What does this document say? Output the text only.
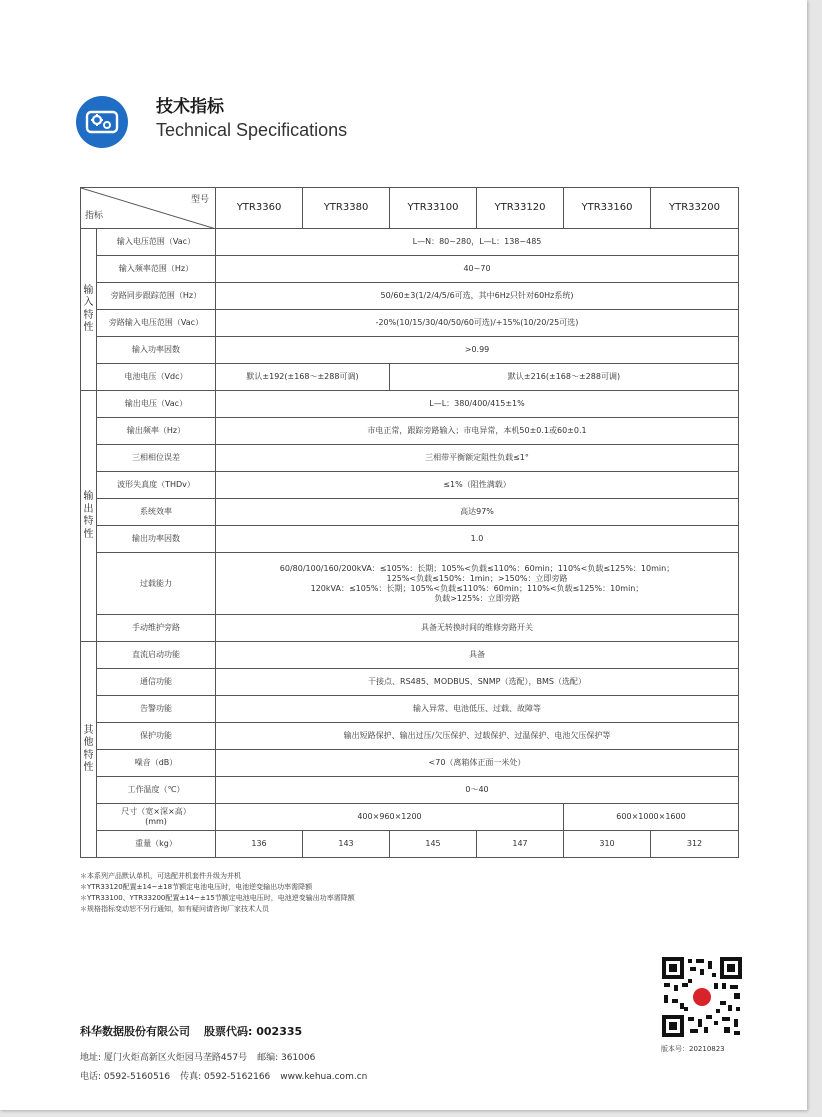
技术指标
Technical Specifications
型号
指标		YTR3360	YTR3380	YTR33100	YTR33120	YTR33160	YTR33200

输
入
特
性	输入电压范围（Vac）	L—N：80~280，L—L：138~485					
	输入频率范围（Hz）	40~70					
	旁路同步跟踪范围（Hz）	50/60±3(1/2/4/5/6可选，其中6Hz只针对60Hz系统)					
	旁路输入电压范围（Vac）	-20%(10/15/30/40/50/60可选)/+15%(10/20/25可选)					
	输入功率因数	>0.99					
	电池电压（Vdc）	默认±192(±168～±288可调)		默认±216(±168～±288可调)			

输
出
特
性	输出电压（Vac）	L—L：380/400/415±1%					
	输出频率（Hz）	市电正常，跟踪旁路输入；市电异常，本机50±0.1或60±0.1					
	三相相位误差	三相带平衡额定阻性负载≤1°					
	波形失真度（THDv）	≤1%（阻性满载）					
	系统效率	高达97%					
	输出功率因数	1.0					
	过载能力	60/80/100/160/200kVA：≤105%：长期；105%<负载≤110%：60min；110%<负载≤125%：10min；
125%<负载≤150%：1min；>150%：立即旁路
120kVA：≤105%：长期；105%<负载≤110%：60min；110%<负载≤125%：10min；
负载>125%：立即旁路					

	手动维护旁路	具备无转换时间的维修旁路开关					

其
他
特
性	直流启动功能	具备					
	通信功能	干接点、RS485、MODBUS、SNMP（选配），BMS（选配）					
	告警功能	输入异常、电池低压、过载、故障等					
	保护功能	输出短路保护、输出过压/欠压保护、过载保护、过温保护、电池欠压保护等					
	噪音（dB）	<70（离箱体正面一米处）					
	工作温度（℃）	0～40					

	尺寸（宽×深×高）
(mm)	400×960×1200				600×1000×1600	
	重量（kg）	136	143	145	147	310	312
＊本系列产品默认单机，可选配并机套件升级为并机
＊YTR33120配置±14~±18节额定电池电压时，电池逆变输出功率需降额
＊YTR33100、YTR33200配置±14~±15节额定电池电压时，电池逆变输出功率需降额
＊规格指标变动恕不另行通知，如有疑问请咨询厂家技术人员
科华数据股份有限公司 股票代码: 002335
地址: 厦门火炬高新区火炬园马垄路457号 邮编: 361006
电话: 0592-5160516 传真: 0592-5162166 www.kehua.com.cn
版本号：20210823
